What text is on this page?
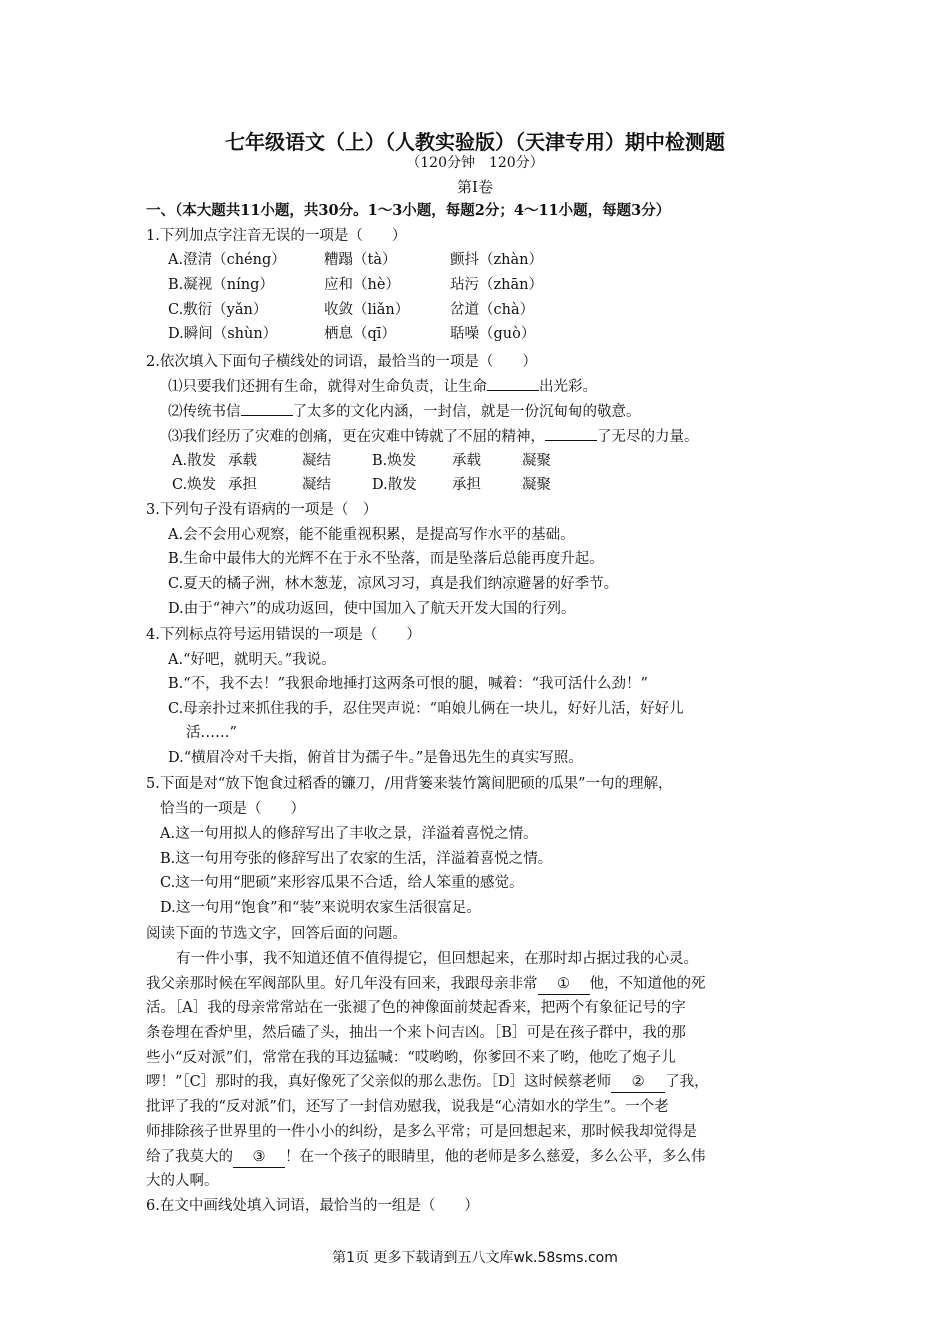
七年级语文（上）（人教实验版）（天津专用）期中检测题
（120分钟　120分）
第Ⅰ卷
一、（本大题共11小题，共30分。1～3小题，每题2分；4～11小题，每题3分）
1.下列加点字注音无误的一项是（　　）
A.澄清（chéng）	糟蹋（tà）	颤抖（zhàn）
B.凝视（níng）	应和（hè）	玷污（zhān）
C.敷衍（yǎn）	收敛（liǎn）	岔道（chà）
D.瞬间（shùn）	栖息（qī）	聒噪（guò）
2.依次填入下面句子横线处的词语，最恰当的一项是（　　）
⑴只要我们还拥有生命，就得对生命负责，让生命	出光彩。
⑵传统书信	了太多的文化内涵，一封信，就是一份沉甸甸的敬意。
⑶我们经历了灾难的创痛，更在灾难中铸就了不屈的精神，	了无尽的力量。
A.散发 承载	凝结	B.焕发 承载	凝聚
C.焕发 承担	凝结	D.散发 承担	凝聚
3.下列句子没有语病的一项是（　）
A.会不会用心观察，能不能重视积累，是提高写作水平的基础。
B.生命中最伟大的光辉不在于永不坠落，而是坠落后总能再度升起。
C.夏天的橘子洲，林木葱茏，凉风习习，真是我们纳凉避暑的好季节。
D.由于“神六”的成功返回，使中国加入了航天开发大国的行列。
4.下列标点符号运用错误的一项是（　　）
A.“好吧，就明天。”我说。
B.“不，我不去！”我狠命地捶打这两条可恨的腿，喊着：“我可活什么劲！”
C.母亲扑过来抓住我的手，忍住哭声说：“咱娘儿俩在一块儿，好好儿活，好好儿
活……”
D.“横眉冷对千夫指，俯首甘为孺子牛。”是鲁迅先生的真实写照。
5.下面是对“放下饱食过稻香的镰刀，/用背篓来装竹篱间肥硕的瓜果”一句的理解，
恰当的一项是（　　）
A.这一句用拟人的修辞写出了丰收之景，洋溢着喜悦之情。
B.这一句用夸张的修辞写出了农家的生活，洋溢着喜悦之情。
C.这一句用“肥硕”来形容瓜果不合适，给人笨重的感觉。
D.这一句用“饱食”和“装”来说明农家生活很富足。
阅读下面的节选文字，回答后面的问题。
有一件小事，我不知道还值不值得提它，但回想起来，在那时却占据过我的心灵。
我父亲那时候在军阀部队里。好几年没有回来，我跟母亲非常 ① 他，不知道他的死
活。［A］我的母亲常常站在一张褪了色的神像面前焚起香来，把两个有象征记号的字
条卷埋在香炉里，然后磕了头，抽出一个来卜问吉凶。［B］可是在孩子群中，我的那
些小“反对派”们，常常在我的耳边猛喊：“哎哟哟，你爹回不来了哟，他吃了炮子儿
啰！”［C］那时的我，真好像死了父亲似的那么悲伤。［D］这时候蔡老师 ② 了我，
批评了我的“反对派”们，还写了一封信劝慰我，说我是“心清如水的学生”。一个老
师排除孩子世界里的一件小小的纠纷，是多么平常；可是回想起来，那时候我却觉得是
给了我莫大的 ③ ！在一个孩子的眼睛里，他的老师是多么慈爱，多么公平，多么伟
大的人啊。
6.在文中画线处填入词语，最恰当的一组是（　　）
第1页 更多下载请到五八文库wk.58sms.com
